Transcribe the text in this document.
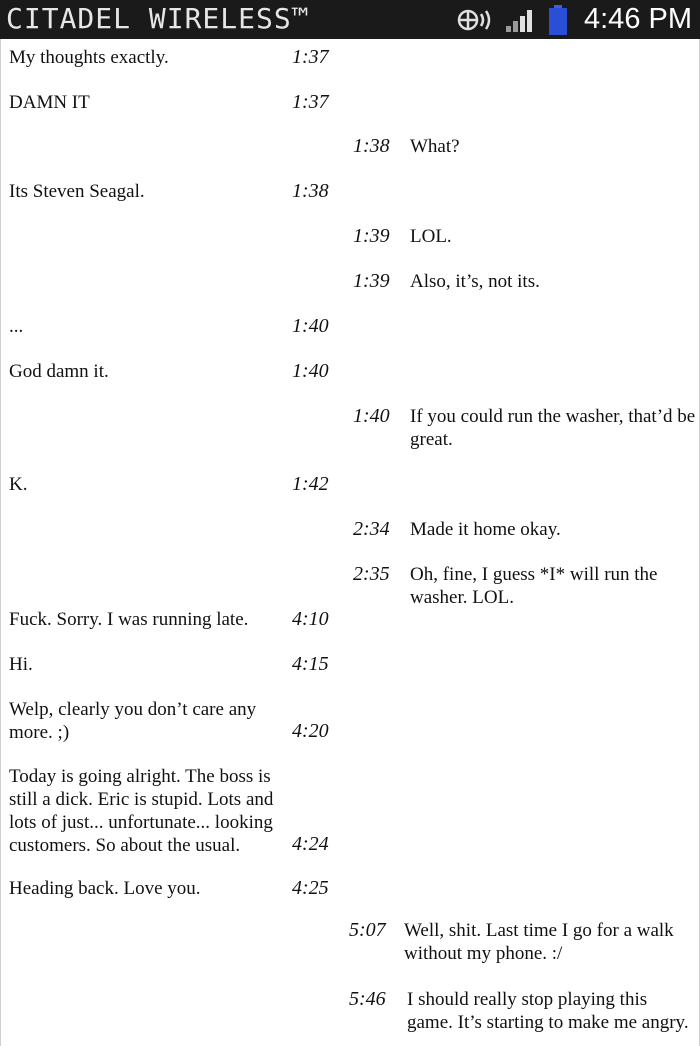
CITADEL WIRELESS™	4:46 PM
My thoughts exactly.	1:37
DAMN IT	1:37
1:38	What?
Its Steven Seagal.	1:38
1:39	LOL.
1:39	Also, it’s, not its.
...	1:40
God damn it.	1:40
1:40	If you could run the washer, that’d be great.
K.	1:42
2:34	Made it home okay.
2:35	Oh, fine, I guess *I* will run the washer. LOL.
Fuck. Sorry. I was running late.	4:10
Hi.	4:15
Welp, clearly you don’t care any more. ;)	4:20
Today is going alright. The boss is still a dick. Eric is stupid. Lots and lots of just... unfortunate... looking customers. So about the usual.	4:24
Heading back. Love you.	4:25
5:07 Well, shit. Last time I go for a walk without my phone. :/
5:46	I should really stop playing this game. It’s starting to make me angry.
